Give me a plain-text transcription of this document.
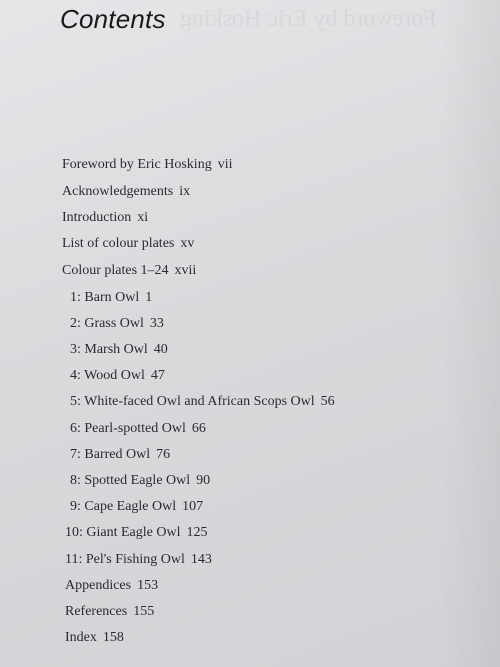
Foreword by Eric Hosking
Contents
Foreword by Eric Hosking vii
Acknowledgements ix
Introduction xi
List of colour plates xv
Colour plates 1–24 xvii
1: Barn Owl 1
2: Grass Owl 33
3: Marsh Owl 40
4: Wood Owl 47
5: White-faced Owl and African Scops Owl 56
6: Pearl-spotted Owl 66
7: Barred Owl 76
8: Spotted Eagle Owl 90
9: Cape Eagle Owl 107
10: Giant Eagle Owl 125
11: Pel's Fishing Owl 143
Appendices 153
References 155
Index 158
